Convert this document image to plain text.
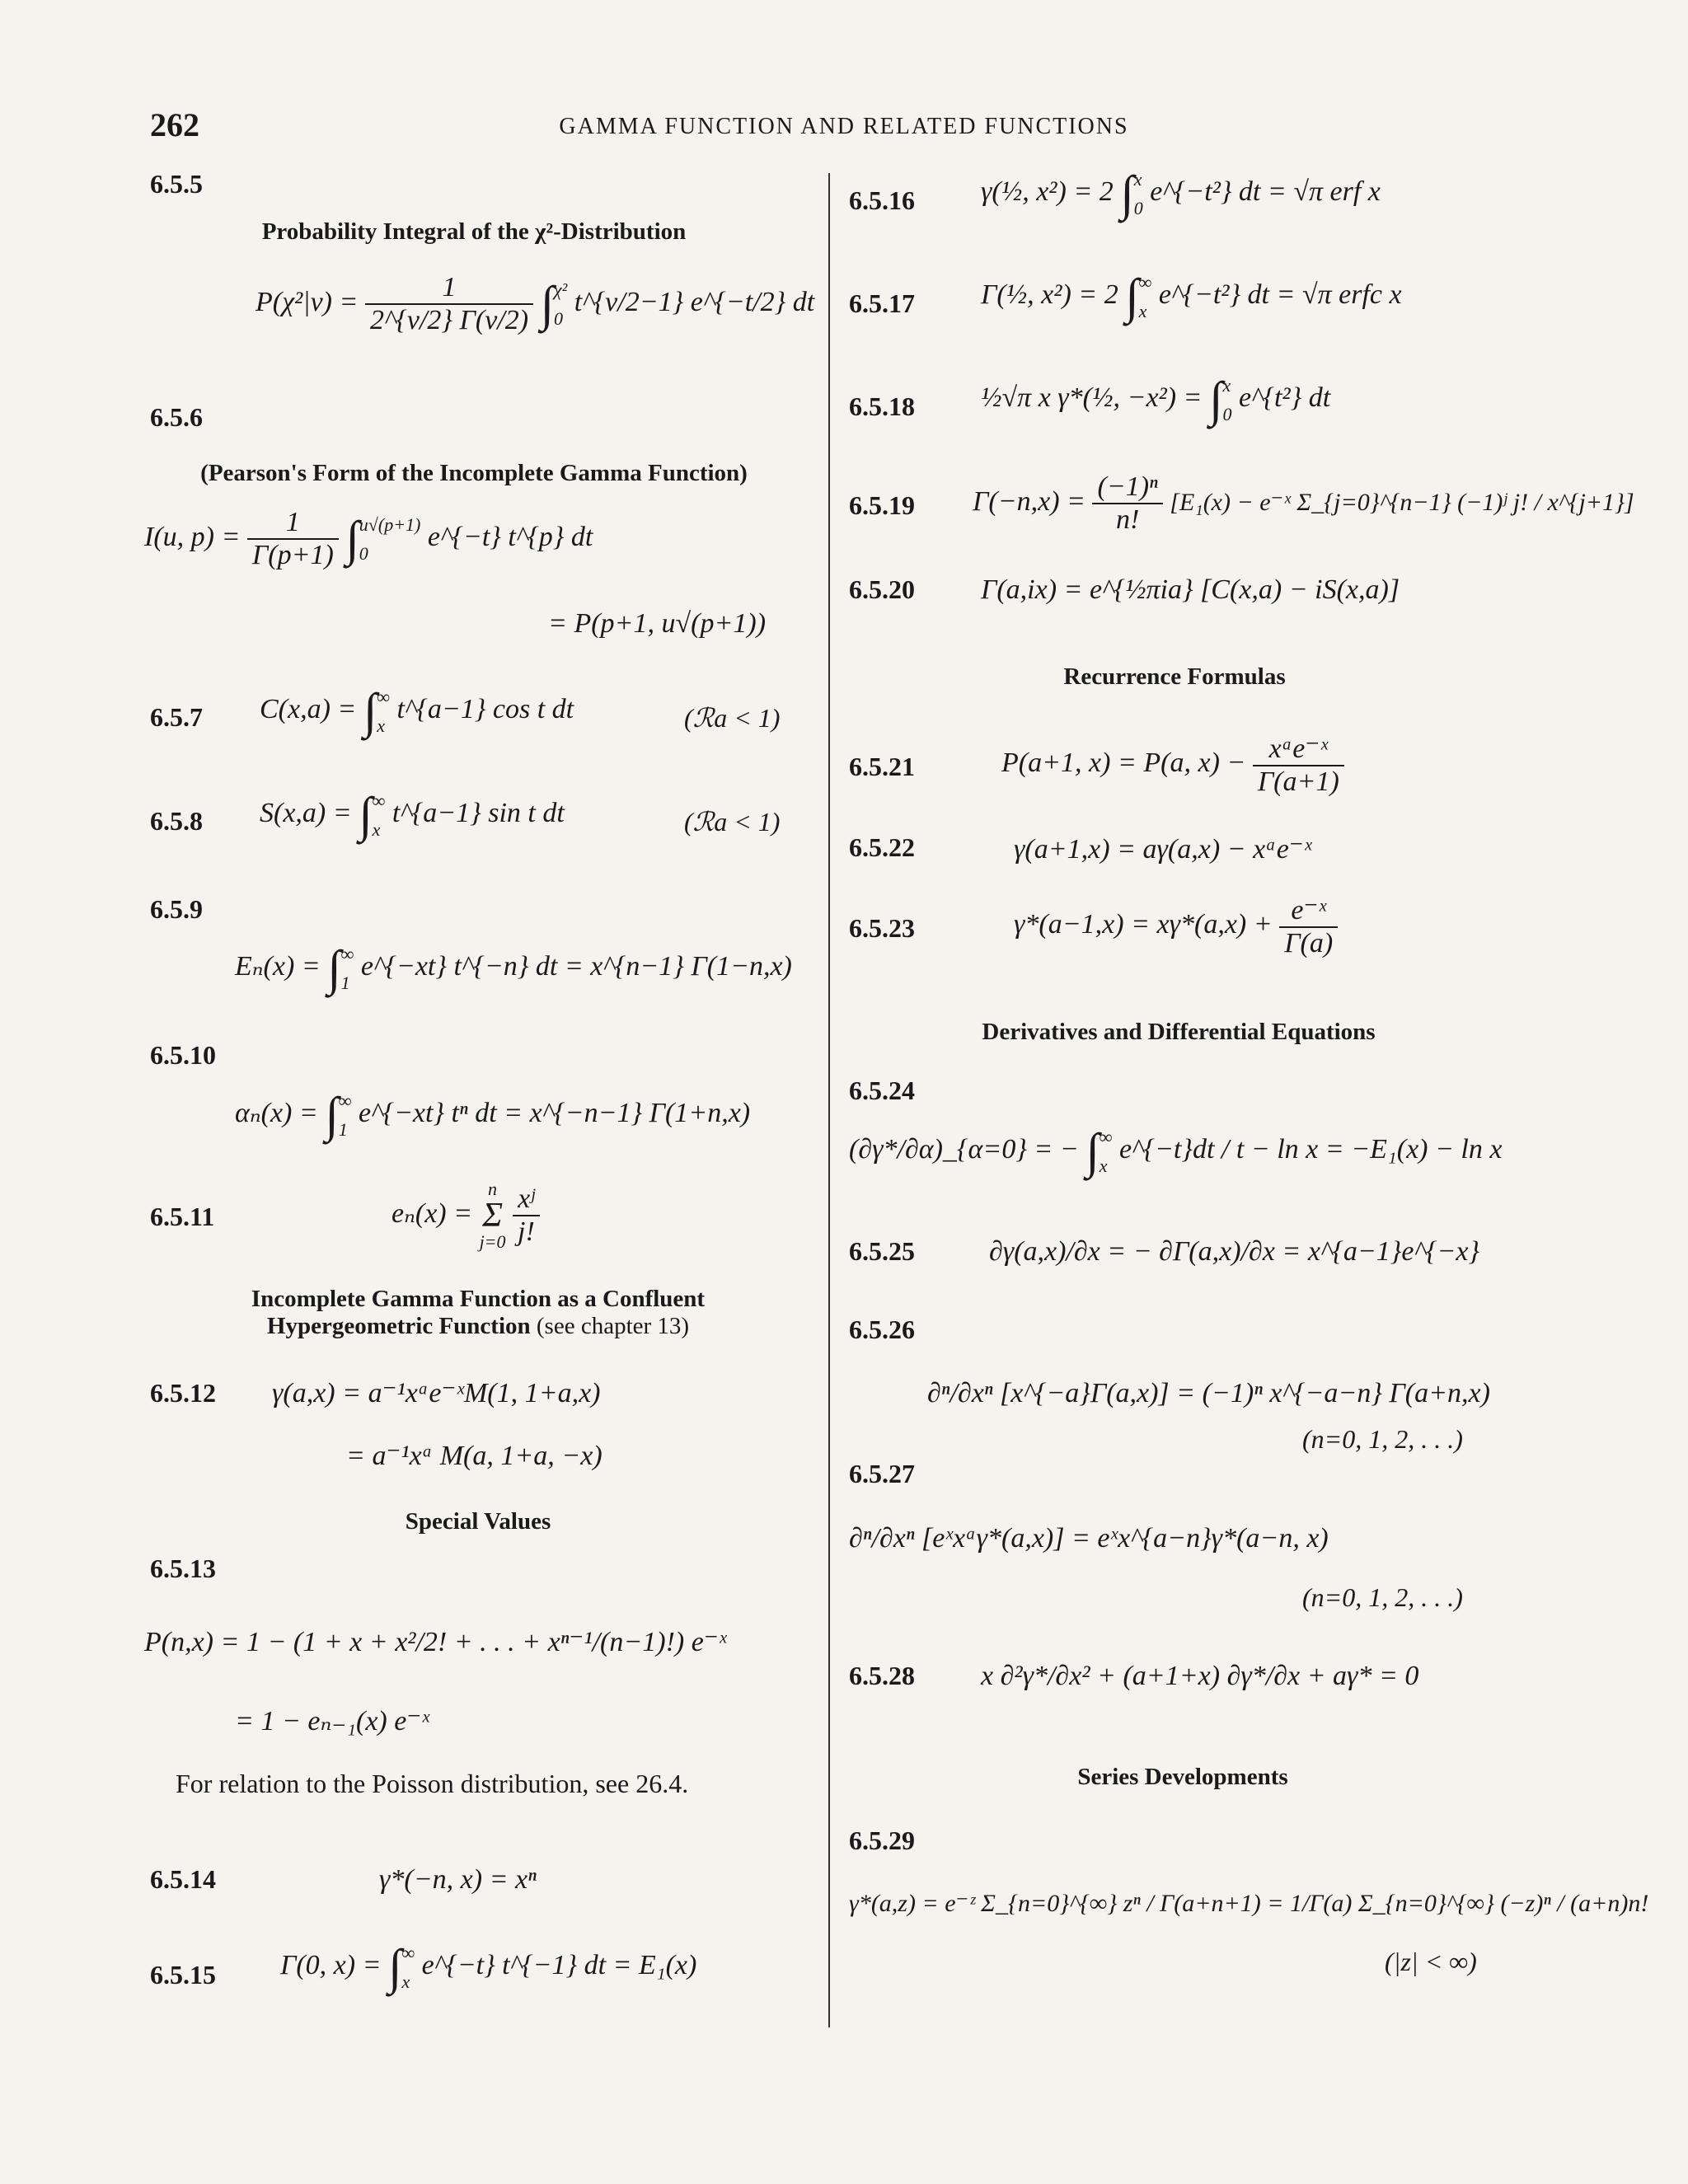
262	GAMMA FUNCTION AND RELATED FUNCTIONS
6.5.5
Probability Integral of the χ²-Distribution
$P(\chi^2|\nu) = \frac{1}{2\^{}\{\nu/2\} \Gamma(\nu/2)} \int\chi^2$
0 t^{ν/2−1} e^{−t/2} dt
6.5.6
(Pearson's Form of the Incomplete Gamma Function)
I(u, $p) = \frac{1}{\Gamma(p+1)} \int u√(p+1)$
0 e^{−t} t^{p} dt
= P(p+1, u√(p+1))
6.5.7 C(x,a) = ∫∞
x t^{a−1} cos t dt	(ℛa < 1)
6.5.8 S(x,a) = ∫∞
x t^{a−1} sin t dt	(ℛa < 1)
6.5.9
Eₙ(x) = ∫∞
1 e^{−xt} t^{−n} dt = x^{n−1} Γ(1−n,x)
6.5.10
αₙ(x) = ∫∞
1 e^{−xt} tⁿ dt = x^{−n−1} Γ(1+n,x)
6.5.11	eₙ(x) = n
Σ
$j=0 \frac{\text{xʲ}}{j!}$
Incomplete Gamma Function as a Confluent Hypergeometric Function (see chapter 13)
6.5.12 γ(a,x) = a⁻¹xᵃe⁻ˣM(1, 1+a,x)
= a⁻¹xᵃ M(a, 1+a, −x)
Special Values
6.5.13
P(n,x) = 1 − (1 + x + x²/2! + . . . + xⁿ⁻¹/(n−1)!) e⁻ˣ
= 1 − eₙ₋₁(x) e⁻ˣ
For relation to the Poisson distribution, see 26.4.
6.5.14	γ*(−n, x) = xⁿ
6.5.15 Γ(0, x) = ∫∞
x e^{−t} t^{−1} dt = E₁(x)
6.5.16 γ(½, x²) = 2 ∫x
0 e^{−t²} dt = √π erf x
6.5.17 Γ(½, x²) = 2 ∫∞
x e^{−t²} dt = √π erfc x
6.5.18 ½√π x γ*(½, −x²) = ∫x
0 e^{t²} dt
6.5.19 $\Gamma(-n,x) = \frac{\text{(−1)ⁿ}}{n!} [E_1(x)$ − e⁻ˣ Σ_{j=0}^{n−1} (−1)ʲ j! / x^{j+1}]
6.5.20 Γ(a,ix) = e^{½πia} [C(x,a) − iS(x,a)]
Recurrence Formulas
6.5.21	P(a+1, x) = P(a, $x) - \frac{\text{xᵃe⁻ˣ}}{\Gamma(a+1)}$
6.5.22	γ(a+1,x) = aγ(a,x) − xᵃe⁻ˣ
6.5.23	$\gamma*(a-1,x) = x\gamma*(a,x) + \frac{\text{e⁻ˣ}}{\Gamma(a)}$
Derivatives and Differential Equations
6.5.24
(∂γ*/∂α)_{α=0} = − ∫∞
x e^{−t}dt / t − ln x = −E₁(x) − ln x
6.5.25	∂γ(a,x)/∂x = − ∂Γ(a,x)/∂x = x^{a−1}e^{−x}
6.5.26
∂ⁿ/∂xⁿ [x^{−a}Γ(a,x)] = (−1)ⁿ x^{−a−n} Γ(a+n,x)
(n=0, 1, 2, . . .)
6.5.27
∂ⁿ/∂xⁿ [eˣxᵃγ*(a,x)] = eˣx^{a−n}γ*(a−n, x)
(n=0, 1, 2, . . .)
6.5.28 x ∂²γ*/∂x² + (a+1+x) ∂γ*/∂x + aγ* = 0
Series Developments
6.5.29
γ*(a,z) = e⁻ᶻ Σ_{n=0}^{∞} zⁿ / Γ(a+n+1) = 1/Γ(a) Σ_{n=0}^{∞} (−z)ⁿ / (a+n)n!
(|z| < ∞)
